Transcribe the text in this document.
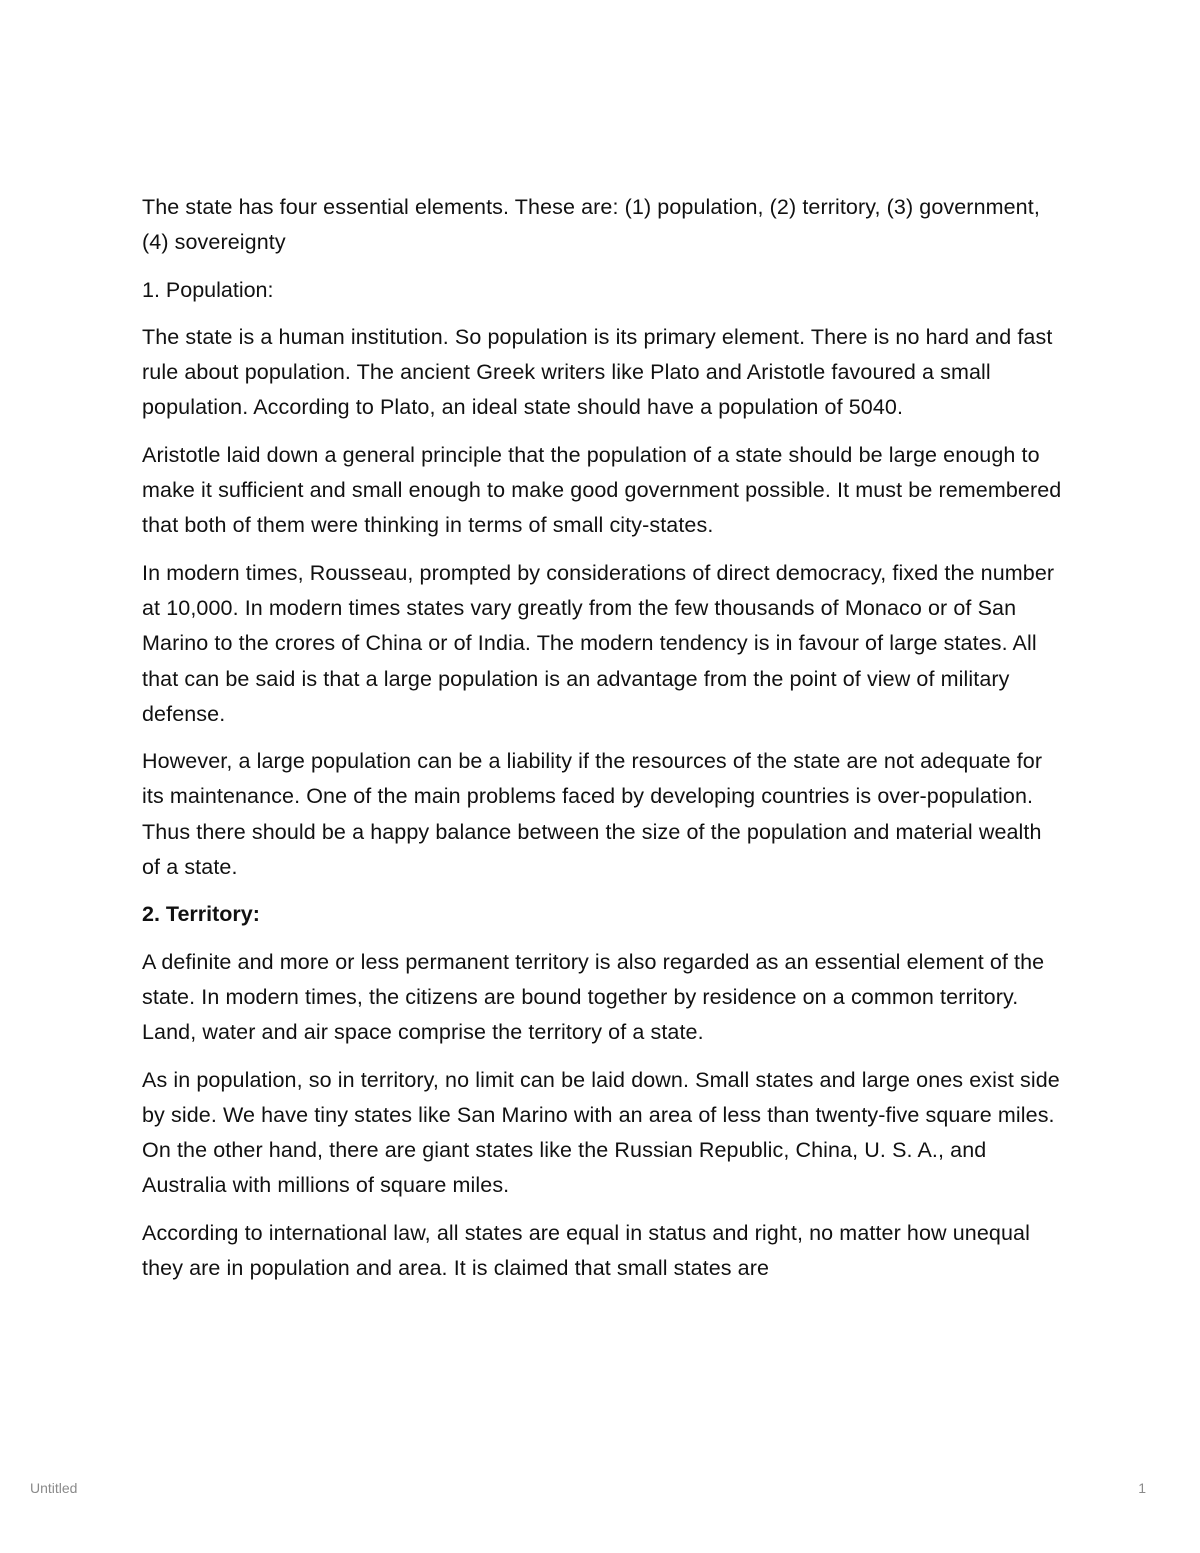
The state has four essential elements. These are: (1) population, (2) territory, (3) government, (4) sovereignty

1. Population:

The state is a human institution. So population is its primary element. There is no hard and fast rule about population. The ancient Greek writers like Plato and Aristotle favoured a small population. According to Plato, an ideal state should have a population of 5040.

Aristotle laid down a general principle that the population of a state should be large enough to make it sufficient and small enough to make good government possible. It must be remembered that both of them were thinking in terms of small city-states.

In modern times, Rousseau, prompted by considerations of direct democracy, fixed the number at 10,000. In modern times states vary greatly from the few thousands of Monaco or of San Marino to the crores of China or of India. The modern tendency is in favour of large states. All that can be said is that a large population is an advantage from the point of view of military defense.

However, a large population can be a liability if the resources of the state are not adequate for its maintenance. One of the main problems faced by developing countries is over-population. Thus there should be a happy balance between the size of the population and material wealth of a state.

2. Territory:

A definite and more or less permanent territory is also regarded as an essential element of the state. In modern times, the citizens are bound together by residence on a common territory. Land, water and air space comprise the territory of a state.

As in population, so in territory, no limit can be laid down. Small states and large ones exist side by side. We have tiny states like San Marino with an area of less than twenty-five square miles. On the other hand, there are giant states like the Russian Republic, China, U. S. A., and Australia with millions of square miles.

According to international law, all states are equal in status and right, no matter how unequal they are in population and area. It is claimed that small states are

Untitled	1
